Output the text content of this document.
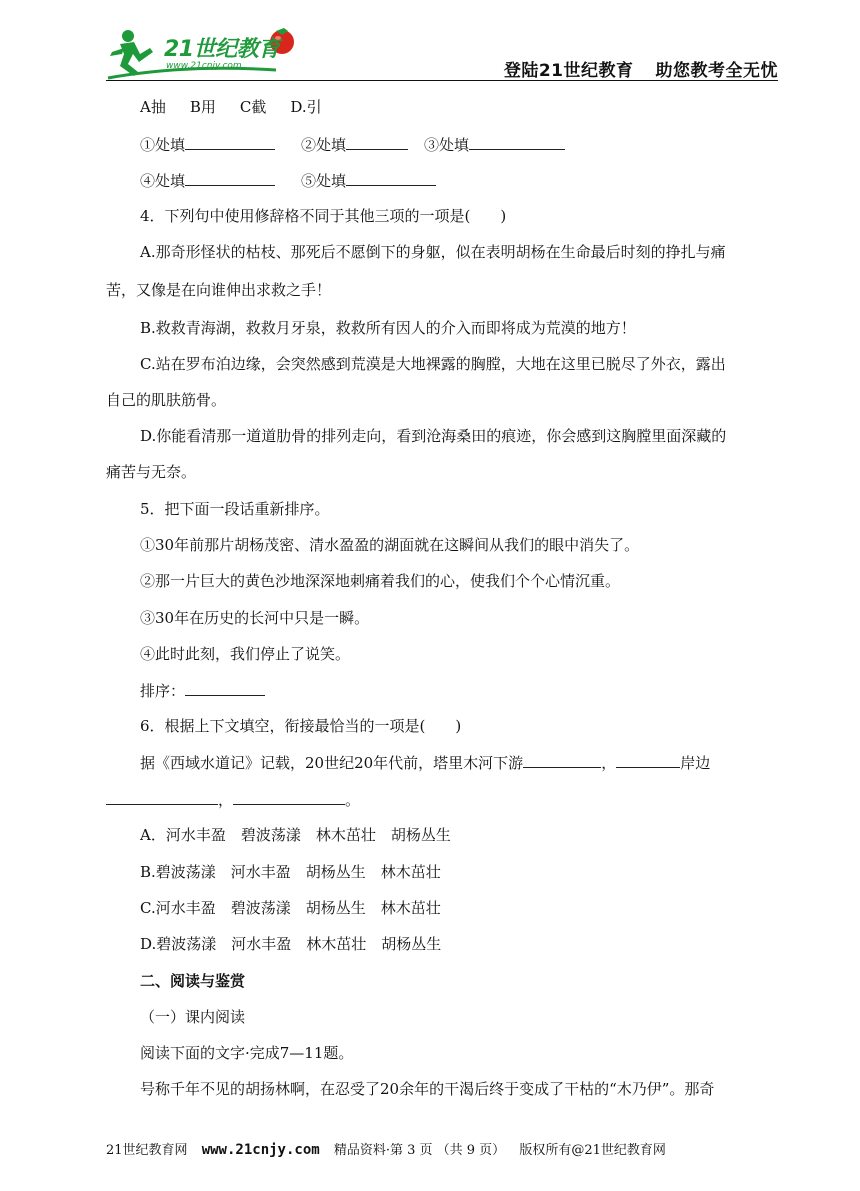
21世纪教育
www.21cnjy.com	登陆21世纪教育 助您教考全无忧
A抽 B用 C截 D.引
①处填	②处填	③处填
④处填	⑤处填
4．下列句中使用修辞格不同于其他三项的一项是( )
A.那奇形怪状的枯枝、那死后不愿倒下的身躯，似在表明胡杨在生命最后时刻的挣扎与痛
苦，又像是在向谁伸出求救之手！
B.救救青海湖，救救月牙泉，救救所有因人的介入而即将成为荒漠的地方！
C.站在罗布泊边缘，会突然感到荒漠是大地裸露的胸膛，大地在这里已脱尽了外衣，露出
自己的肌肤筋骨。
D.你能看清那一道道肋骨的排列走向，看到沧海桑田的痕迹，你会感到这胸膛里面深藏的
痛苦与无奈。
5．把下面一段话重新排序。
①30年前那片胡杨茂密、清水盈盈的湖面就在这瞬间从我们的眼中消失了。
②那一片巨大的黄色沙地深深地刺痛着我们的心，使我们个个心情沉重。
③30年在历史的长河中只是一瞬。
④此时此刻，我们停止了说笑。
排序：
6．根据上下文填空，衔接最恰当的一项是( )
据《西域水道记》记载，20世纪20年代前，塔里木河下游	，	岸边
，	。
A．河水丰盈　碧波荡漾　林木茁壮　胡杨丛生
B.碧波荡漾　河水丰盈　胡杨丛生　林木茁壮
C.河水丰盈　碧波荡漾　胡杨丛生　林木茁壮
D.碧波荡漾　河水丰盈　林木茁壮　胡杨丛生
二、阅读与鉴赏
（一）课内阅读
阅读下面的文字·完成7—11题。
号称千年不见的胡扬林啊，在忍受了20余年的干渴后终于变成了干枯的“木乃伊”。那奇
21世纪教育网 www.21cnjy.com 精品资料·第 3 页 （共 9 页） 版权所有@21世纪教育网
